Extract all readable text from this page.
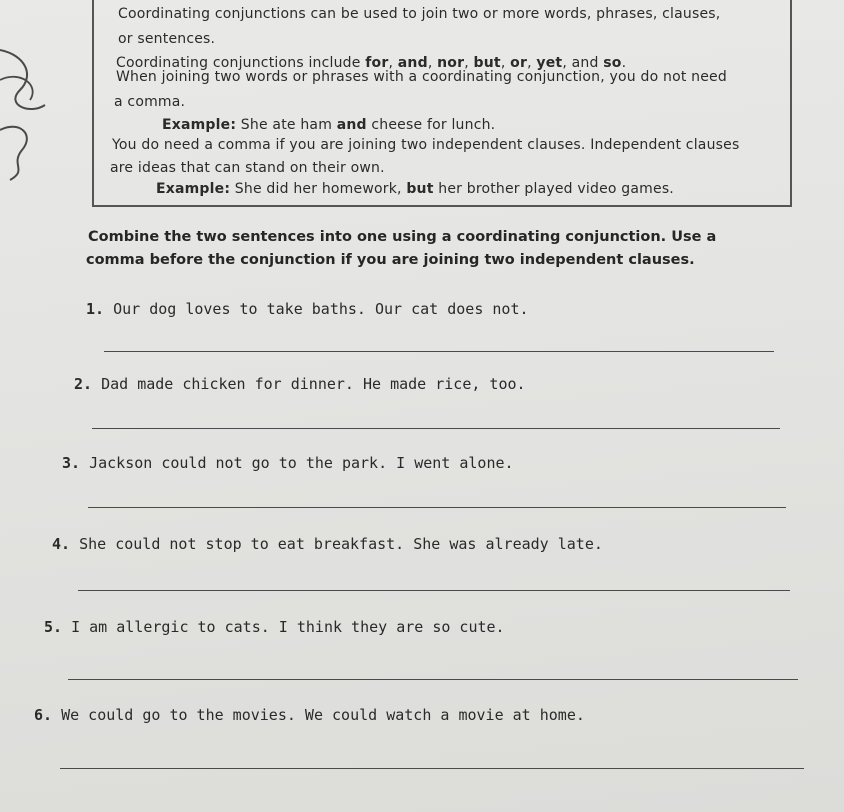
Coordinating conjunctions can be used to join two or more words, phrases, clauses,
or sentences.
Coordinating conjunctions include for, and, nor, but, or, yet, and so.
When joining two words or phrases with a coordinating conjunction, you do not need
a comma.
Example: She ate ham and cheese for lunch.
You do need a comma if you are joining two independent clauses. Independent clauses
are ideas that can stand on their own.
Example: She did her homework, but her brother played video games.
Combine the two sentences into one using a coordinating conjunction. Use a
comma before the conjunction if you are joining two independent clauses.
1. Our dog loves to take baths. Our cat does not.
2. Dad made chicken for dinner. He made rice, too.
3. Jackson could not go to the park. I went alone.
4. She could not stop to eat breakfast. She was already late.
5. I am allergic to cats. I think they are so cute.
6. We could go to the movies. We could watch a movie at home.
